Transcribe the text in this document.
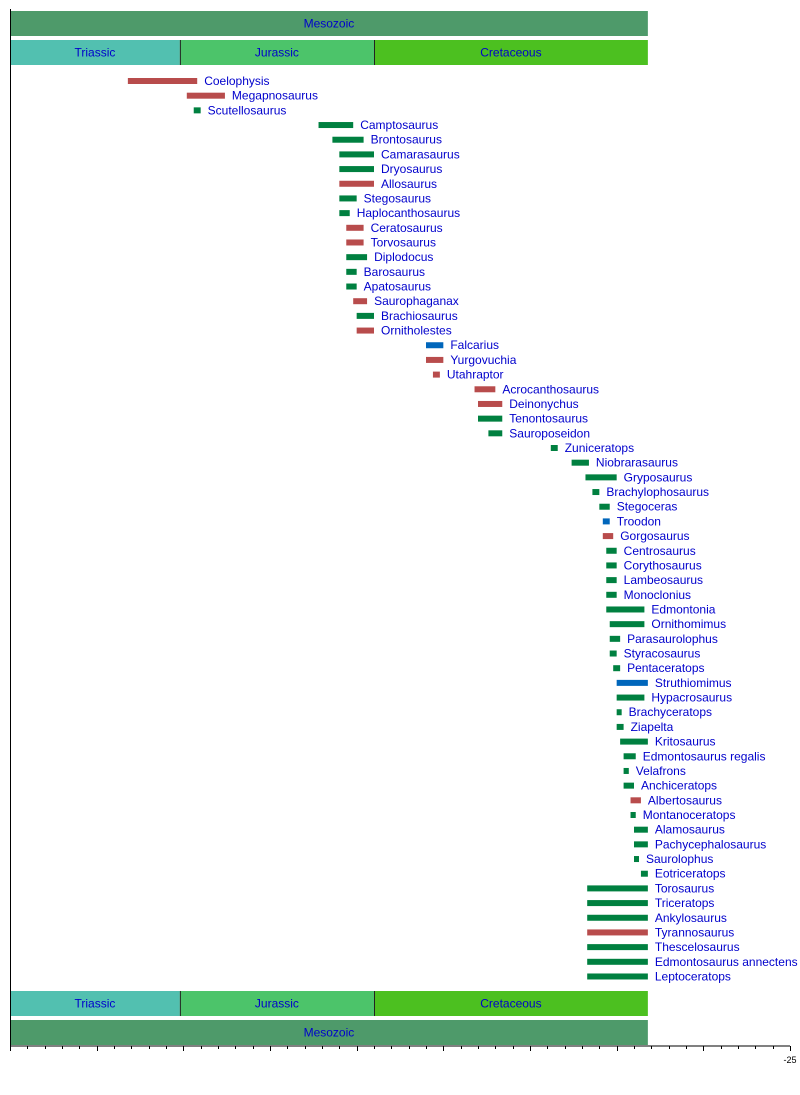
Mesozoic
Triassic	Jurassic	Cretaceous
Triassic	Jurassic	Cretaceous
Mesozoic
Coelophysis
Megapnosaurus
Scutellosaurus
Camptosaurus
Brontosaurus
Camarasaurus
Dryosaurus
Allosaurus
Stegosaurus
Haplocanthosaurus
Ceratosaurus
Torvosaurus
Diplodocus
Barosaurus
Apatosaurus
Saurophaganax
Brachiosaurus
Ornitholestes
Falcarius
Yurgovuchia
Utahraptor
Acrocanthosaurus
Deinonychus
Tenontosaurus
Sauroposeidon
Zuniceratops
Niobrarasaurus
Gryposaurus
Brachylophosaurus
Stegoceras
Troodon
Gorgosaurus
Centrosaurus
Corythosaurus
Lambeosaurus
Monoclonius
Edmontonia
Ornithomimus
Parasaurolophus
Styracosaurus
Pentaceratops
Struthiomimus
Hypacrosaurus
Brachyceratops
Ziapelta
Kritosaurus
Edmontosaurus regalis
Velafrons
Anchiceratops
Albertosaurus
Montanoceratops
Alamosaurus
Pachycephalosaurus
Saurolophus
Eotriceratops
Torosaurus
Triceratops
Ankylosaurus
Tyrannosaurus
Thescelosaurus
Edmontosaurus annectens
Leptoceratops
-25
